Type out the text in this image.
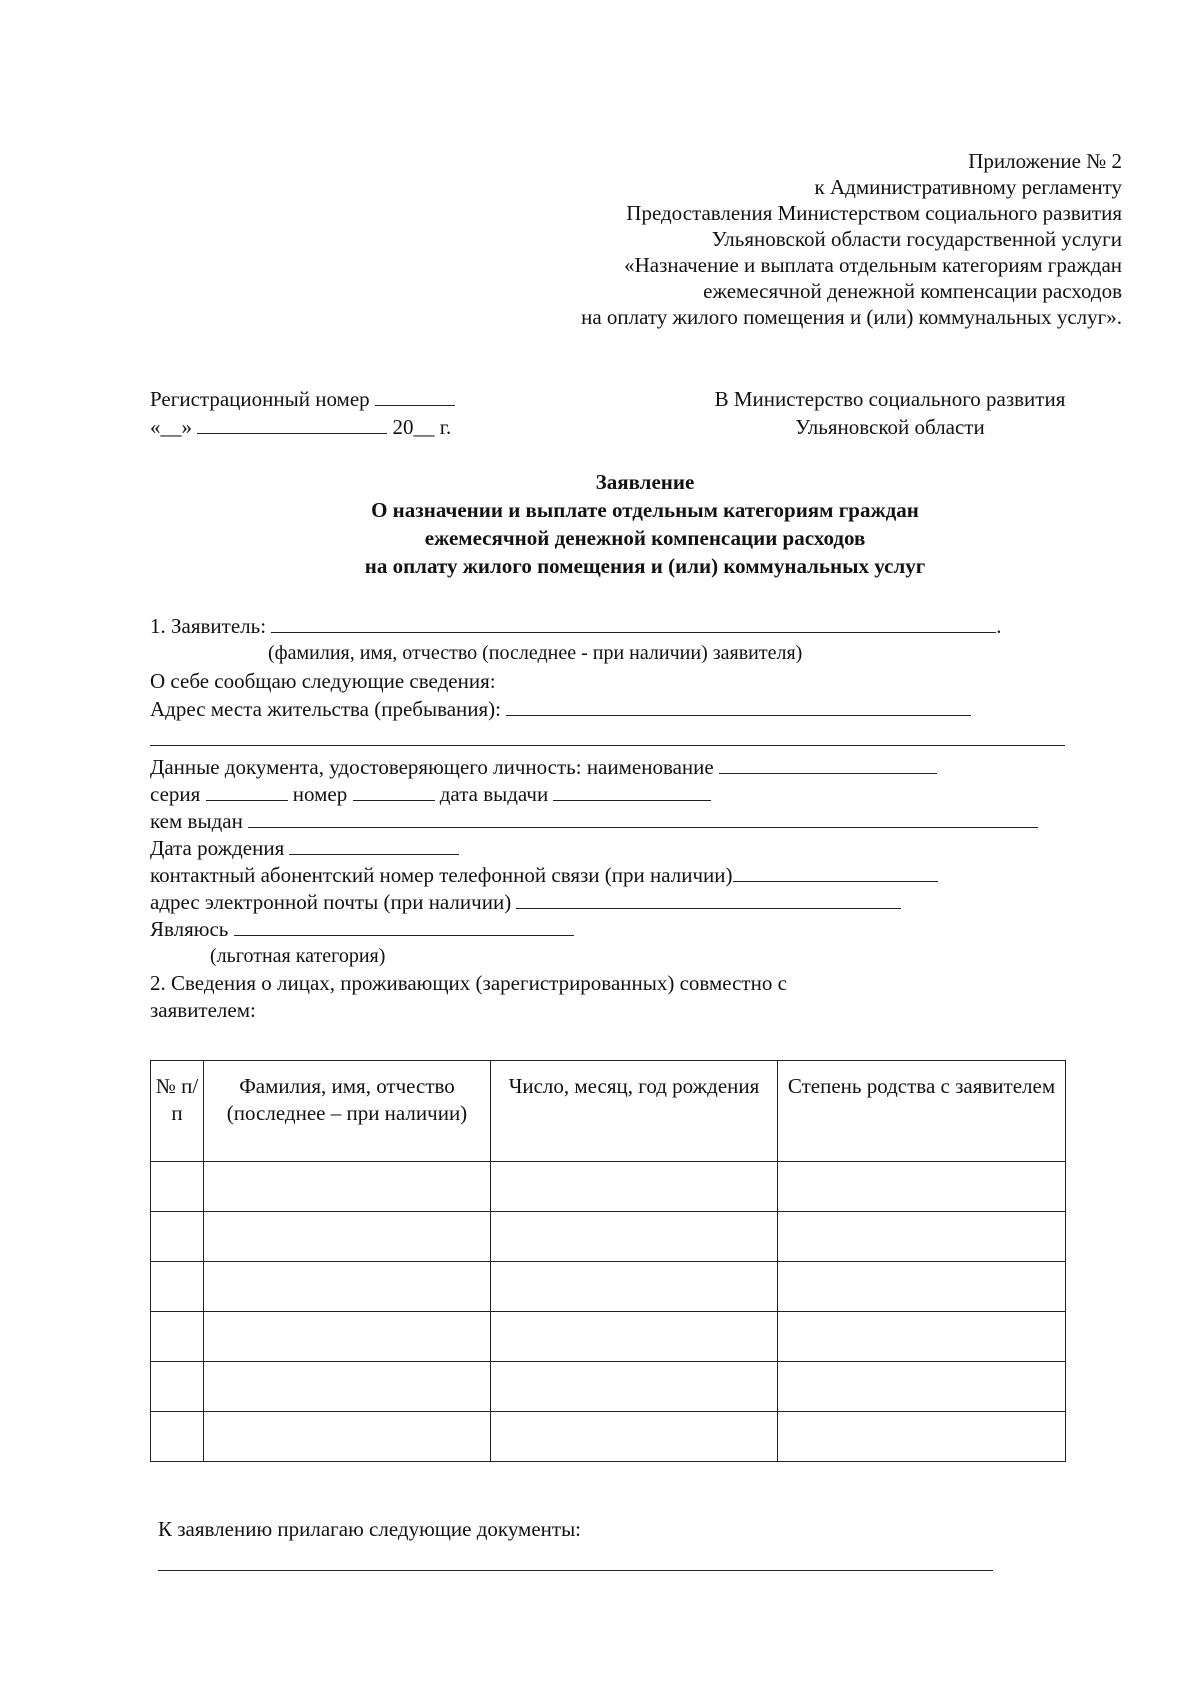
Приложение № 2
к Административному регламенту
Предоставления Министерством социального развития
Ульяновской области государственной услуги
«Назначение и выплата отдельным категориям граждан
ежемесячной денежной компенсации расходов
на оплату жилого помещения и (или) коммунальных услуг».
Регистрационный номер
«__»	20__ г.
В Министерство социального развития
Ульяновской области
Заявление
О назначении и выплате отдельным категориям граждан
ежемесячной денежной компенсации расходов
на оплату жилого помещения и (или) коммунальных услуг
1. Заявитель:	.
(фамилия, имя, отчество (последнее - при наличии) заявителя)
О себе сообщаю следующие сведения:
Адрес места жительства (пребывания):
Данные документа, удостоверяющего личность: наименование
серия	номер	дата выдачи
кем выдан
Дата рождения
контактный абонентский номер телефонной связи (при наличии)
адрес электронной почты (при наличии)
Являюсь
(льготная категория)
2. Сведения о лицах, проживающих (зарегистрированных) совместно с
заявителем:
№ п/п	Фамилия, имя, отчество (последнее – при наличии)	Число, месяц, год рождения	Степень родства с заявителем

К заявлению прилагаю следующие документы:
